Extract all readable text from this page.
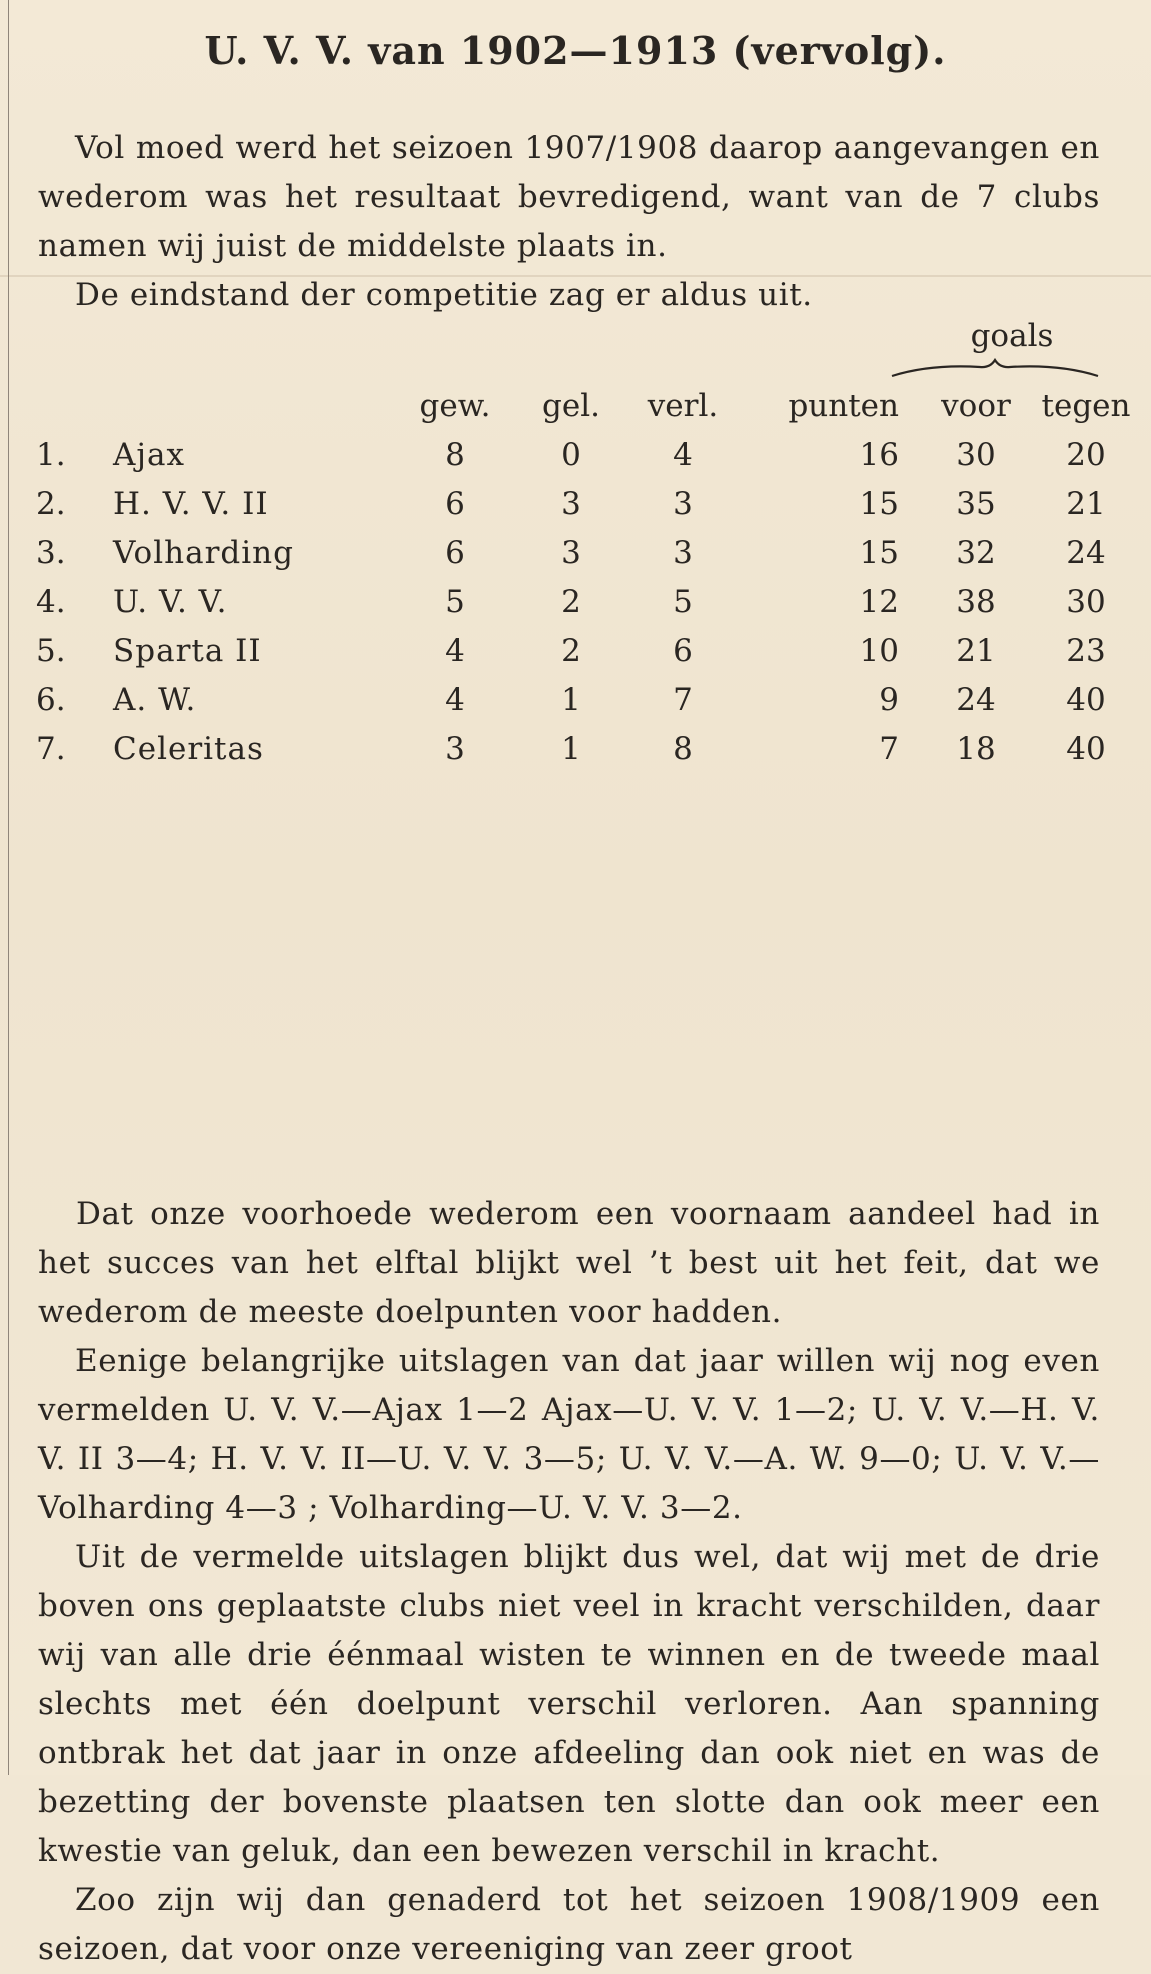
U. V. V. van 1902—1913 (vervolg).

Vol moed werd het seizoen 1907/1908 daarop aangevangen en wederom was het resultaat bevredigend, want van de 7 clubs namen wij juist de middelste plaats in.

De eindstand der competitie zag er aldus uit.

goals
		gew.	gel.	verl.	punten	voor	tegen
1.	Ajax	8	0	4	16	30	20
2.	H. V. V. II	6	3	3	15	35	21
3.	Volharding	6	3	3	15	32	24
4.	U. V. V.	5	2	5	12	38	30
5.	Sparta II	4	2	6	10	21	23
6.	A. W.	4	1	7	9	24	40
7.	Celeritas	3	1	8	7	18	40

Dat onze voorhoede wederom een voornaam aandeel had in het succes van het elftal blijkt wel ’t best uit het feit, dat we wederom de meeste doelpunten voor hadden.

Eenige belangrijke uitslagen van dat jaar willen wij nog even vermelden U. V. V.—Ajax 1—2 Ajax—U. V. V. 1—2; U. V. V.—H. V. V. II 3—4; H. V. V. II—U. V. V. 3—5; U. V. V.—A. W. 9—0; U. V. V.—Volharding 4—3 ; Volharding—U. V. V. 3—2.

Uit de vermelde uitslagen blijkt dus wel, dat wij met de drie boven ons geplaatste clubs niet veel in kracht verschilden, daar wij van alle drie éénmaal wisten te winnen en de tweede maal slechts met één doelpunt verschil verloren. Aan spanning ontbrak het dat jaar in onze afdeeling dan ook niet en was de bezetting der bovenste plaatsen ten slotte dan ook meer een kwestie van geluk, dan een bewezen verschil in kracht.

Zoo zijn wij dan genaderd tot het seizoen 1908/1909 een seizoen, dat voor onze vereeniging van zeer groot
